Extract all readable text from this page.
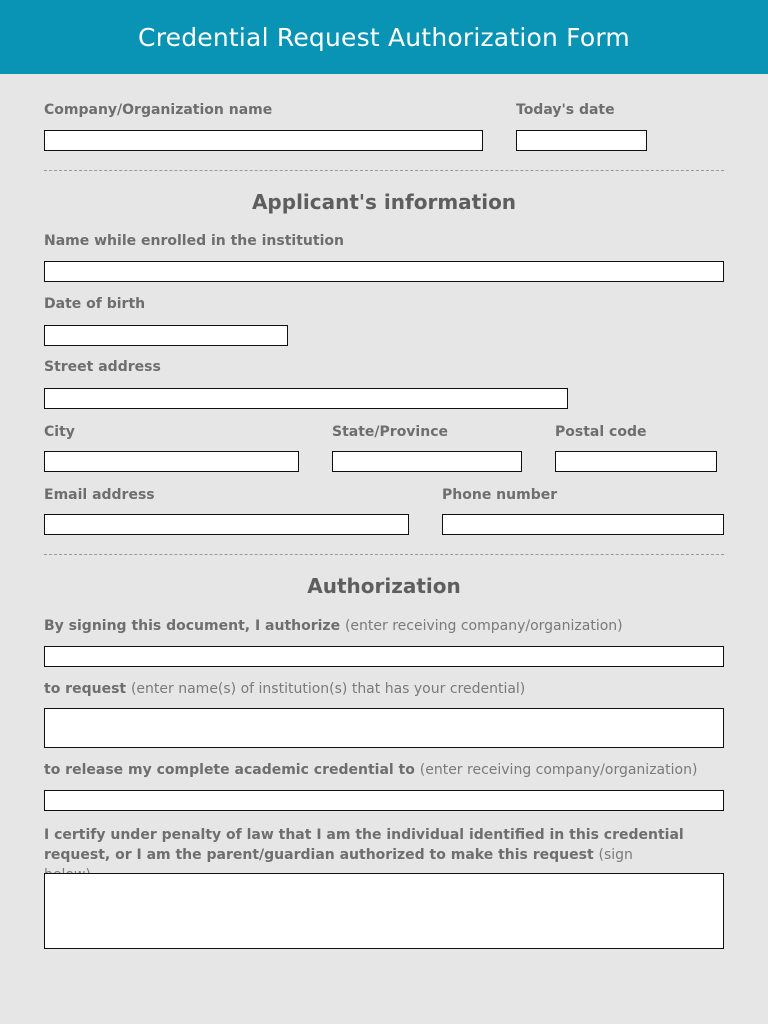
Credential Request Authorization Form
Company/Organization name	Today's date
Applicant's information
Name while enrolled in the institution
Date of birth
Street address
City	State/Province	Postal code
Email address	Phone number
Authorization
By signing this document, I authorize (enter receiving company/organization)
to request (enter name(s) of institution(s) that has your credential)
to release my complete academic credential to (enter receiving company/organization)
I certify under penalty of law that I am the individual identified in this credential request, or I am the parent/guardian authorized to make this request (sign
